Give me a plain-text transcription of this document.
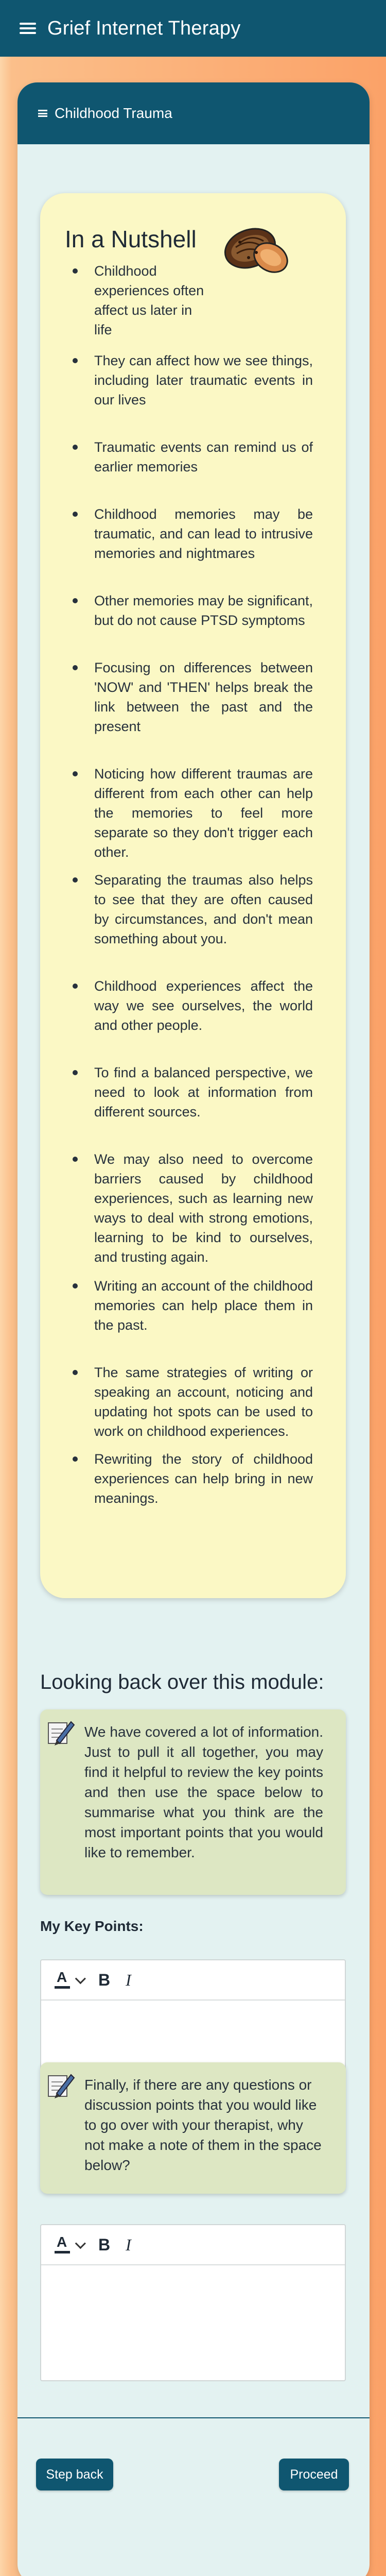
Grief Internet Therapy
Childhood Trauma
In a Nutshell
Childhood experiences often affect us later in life
They can affect how we see things, including later traumatic events in our lives
Traumatic events can remind us of earlier memories
Childhood memories may be traumatic, and can lead to intrusive memories and nightmares
Other memories may be significant, but do not cause PTSD symptoms
Focusing on differences between 'NOW' and 'THEN' helps break the link between the past and the present
Noticing how different traumas are different from each other can help the memories to feel more separate so they don't trigger each other.
Separating the traumas also helps to see that they are often caused by circumstances, and don't mean something about you.
Childhood experiences affect the way we see ourselves, the world and other people.
To find a balanced perspective, we need to look at information from different sources.
We may also need to overcome barriers caused by childhood experiences, such as learning new ways to deal with strong emotions, learning to be kind to ourselves, and trusting again.
Writing an account of the childhood memories can help place them in the past.
The same strategies of writing or speaking an account, noticing and updating hot spots can be used to work on childhood experiences.
Rewriting the story of childhood experiences can help bring in new meanings.
Looking back over this module:
We have covered a lot of information. Just to pull it all together, you may find it helpful to review the key points and then use the space below to summarise what you think are the most important points that you would like to remember.
My Key Points:
A B I
Finally, if there are any questions or discussion points that you would like to go over with your therapist, why not make a note of them in the space below?
A B I
Step back	Proceed
